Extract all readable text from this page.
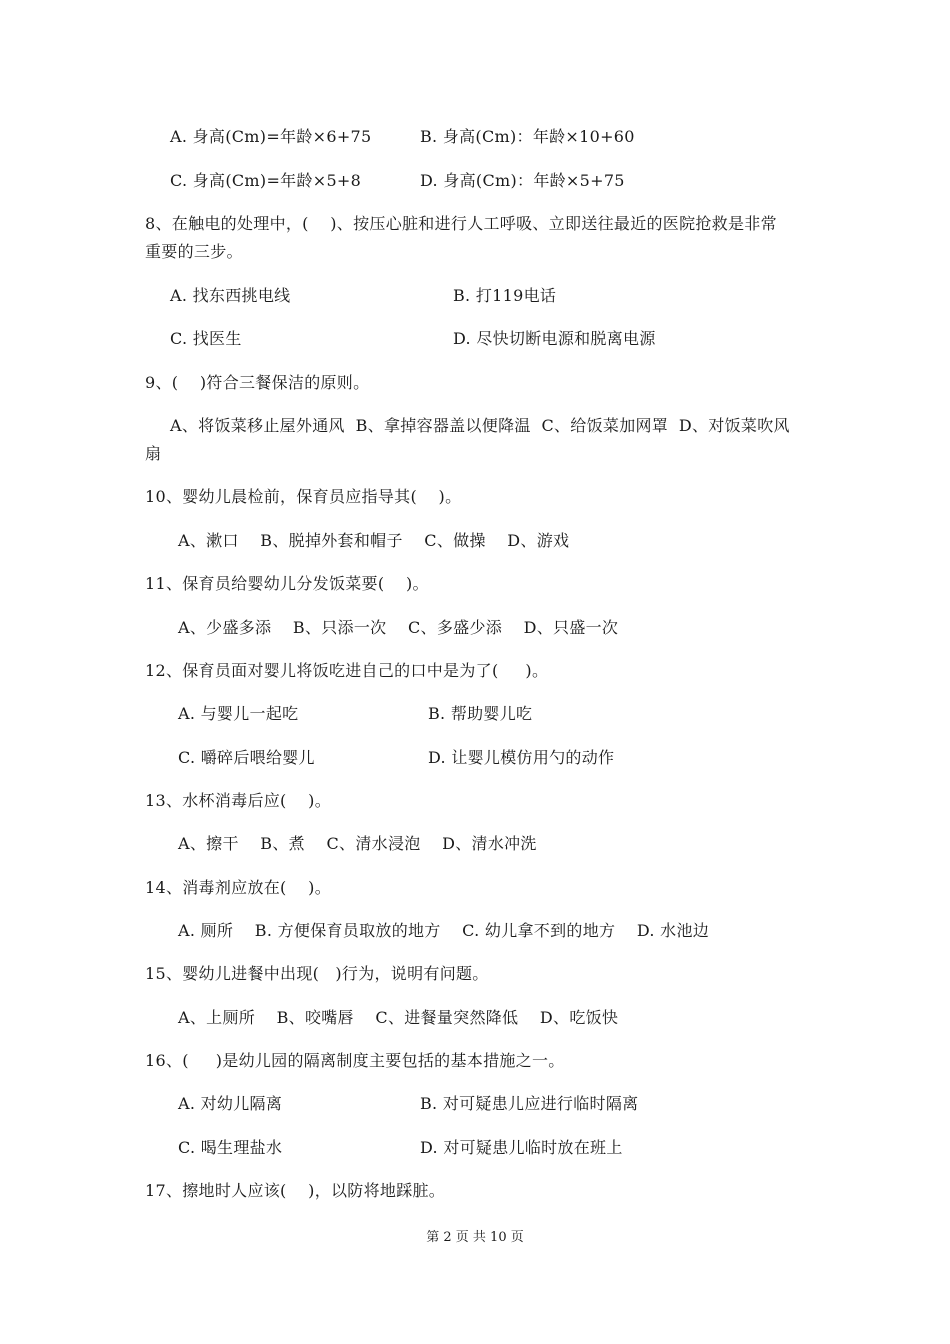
A. 身高(Cm)=年龄×6+75	B. 身高(Cm)：年龄×10+60
C. 身高(Cm)=年龄×5+8	D. 身高(Cm)：年龄×5+75
8、在触电的处理中，(    )、按压心脏和进行人工呼吸、立即送往最近的医院抢救是非常
重要的三步。
A. 找东西挑电线	B. 打119电话
C. 找医生	D. 尽快切断电源和脱离电源
9、(    )符合三餐保洁的原则。
A、将饭菜移止屋外通风  B、拿掉容器盖以便降温  C、给饭菜加网罩  D、对饭菜吹风
扇
10、婴幼儿晨检前，保育员应指导其(    )。
A、漱口    B、脱掉外套和帽子    C、做操    D、游戏
11、保育员给婴幼儿分发饭菜要(    )。
A、少盛多添    B、只添一次    C、多盛少添    D、只盛一次
12、保育员面对婴儿将饭吃进自己的口中是为了(     )。
A. 与婴儿一起吃	B. 帮助婴儿吃
C. 嚼碎后喂给婴儿	D. 让婴儿模仿用勺的动作
13、水杯消毒后应(    )。
A、擦干    B、煮    C、清水浸泡    D、清水冲洗
14、消毒剂应放在(    )。
A. 厕所    B. 方便保育员取放的地方    C. 幼儿拿不到的地方    D. 水池边
15、婴幼儿进餐中出现(   )行为，说明有问题。
A、上厕所    B、咬嘴唇    C、进餐量突然降低    D、吃饭快
16、(     )是幼儿园的隔离制度主要包括的基本措施之一。
A. 对幼儿隔离	B. 对可疑患儿应进行临时隔离
C. 喝生理盐水	D. 对可疑患儿临时放在班上
17、擦地时人应该(    )，以防将地踩脏。
第 2 页 共 10 页
